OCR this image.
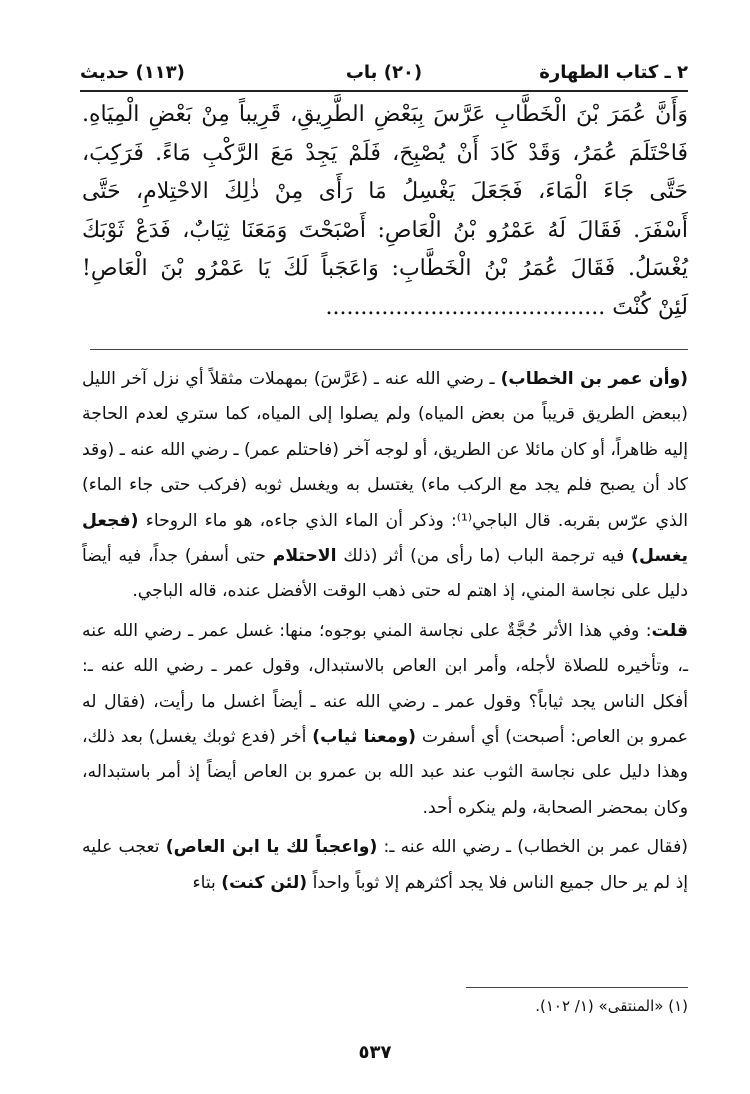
٢ ـ كتاب الطهارة
(٢٠) باب
(١١٣) حديث
وَأَنَّ عُمَرَ بْنَ الْخَطَّابِ عَرَّسَ بِبَعْضِ الطَّرِيقِ، قَرِيباً مِنْ بَعْضِ الْمِيَاهِ.
فَاحْتَلَمَ عُمَرُ، وَقَدْ كَادَ أَنْ يُصْبِحَ، فَلَمْ يَجِدْ مَعَ الرَّكْبِ مَاءً. فَرَكِبَ،
حَتَّى جَاءَ الْمَاءَ، فَجَعَلَ يَغْسِلُ مَا رَأَى مِنْ ذٰلِكَ الاحْتِلامِ، حَتَّى
أَسْفَرَ. فَقَالَ لَهُ عَمْرُو بْنُ الْعَاصِ: أَصْبَحْتَ وَمَعَنَا ثِيَابٌ، فَدَعْ ثَوْبَكَ
يُغْسَلُ. فَقَالَ عُمَرُ بْنُ الْخَطَّابِ: وَاعَجَباً لَكَ يَا عَمْرُو بْنَ الْعَاصِ!
لَئِنْ كُنْتَ ........................................

(وأن عمر بن الخطاب) ـ رضي الله عنه ـ (عَرَّسَ) بمهملات مثقلاً أي نزل آخر الليل (ببعض الطريق قريباً من بعض المياه) ولم يصلوا إلى المياه، كما ستري لعدم الحاجة إليه ظاهراً، أو كان مائلا عن الطريق، أو لوجه آخر (فاحتلم عمر) ـ رضي الله عنه ـ (وقد كاد أن يصبح فلم يجد مع الركب ماء) يغتسل به ويغسل ثوبه (فركب حتى جاء الماء) الذي عرّس بقربه. قال الباجي⁽¹⁾: وذكر أن الماء الذي جاءه، هو ماء الروحاء (فجعل يغسل) فيه ترجمة الباب (ما رأى من) أثر (ذلك الاحتلام حتى أسفر) جداً، فيه أيضاً دليل على نجاسة المني، إذ اهتم له حتى ذهب الوقت الأفضل عنده، قاله الباجي.

قلت: وفي هذا الأثر حُجَّةٌ على نجاسة المني بوجوه؛ منها: غسل عمر ـ رضي الله عنه ـ، وتأخيره للصلاة لأجله، وأمر ابن العاص بالاستبدال، وقول عمر ـ رضي الله عنه ـ: أفكل الناس يجد ثياباً؟ وقول عمر ـ رضي الله عنه ـ أيضاً اغسل ما رأيت، (فقال له عمرو بن العاص: أصبحت) أي أسفرت (ومعنا ثياب) أخر (فدع ثوبك يغسل) بعد ذلك، وهذا دليل على نجاسة الثوب عند عبد الله بن عمرو بن العاص أيضاً إذ أمر باستبداله، وكان بمحضر الصحابة، ولم ينكره أحد.

(فقال عمر بن الخطاب) ـ رضي الله عنه ـ: (واعجباً لك يا ابن العاص) تعجب عليه إذ لم ير حال جميع الناس فلا يجد أكثرهم إلا ثوباً واحداً (لئن كنت) بتاء

(١) «المنتقى» (١/ ١٠٢).
٥٣٧
